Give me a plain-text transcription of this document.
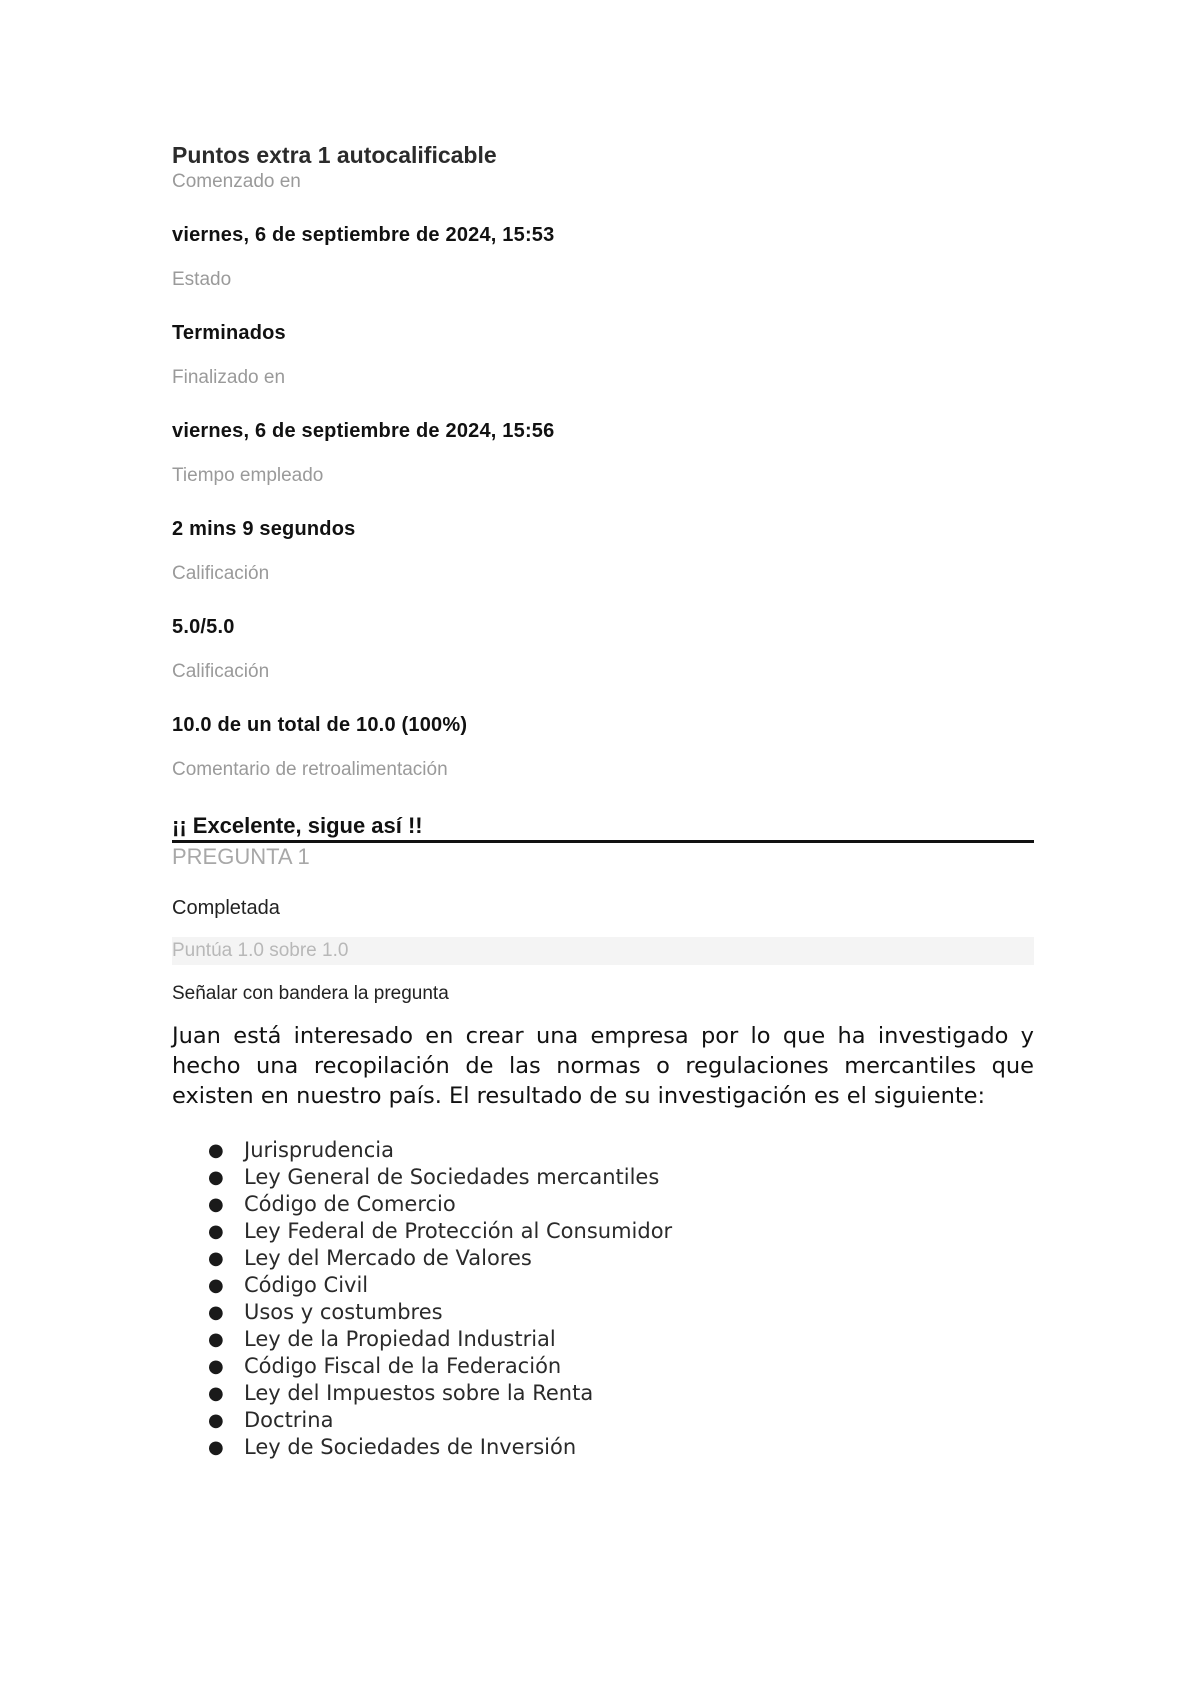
Puntos extra 1 autocalificable

Comenzado en

viernes, 6 de septiembre de 2024, 15:53

Estado

Terminados

Finalizado en

viernes, 6 de septiembre de 2024, 15:56

Tiempo empleado

2 mins 9 segundos

Calificación

5.0/5.0

Calificación

10.0 de un total de 10.0 (100%)

Comentario de retroalimentación

¡¡ Excelente, sigue así !!

PREGUNTA 1

Completada

Puntúa 1.0 sobre 1.0

Señalar con bandera la pregunta

Juan está interesado en crear una empresa por lo que ha investigado y hecho una recopilación de las normas o regulaciones mercantiles que existen en nuestro país. El resultado de su investigación es el siguiente:

● Jurisprudencia
● Ley General de Sociedades mercantiles
● Código de Comercio
● Ley Federal de Protección al Consumidor
● Ley del Mercado de Valores
● Código Civil
● Usos y costumbres
● Ley de la Propiedad Industrial
● Código Fiscal de la Federación
● Ley del Impuestos sobre la Renta
● Doctrina
● Ley de Sociedades de Inversión
